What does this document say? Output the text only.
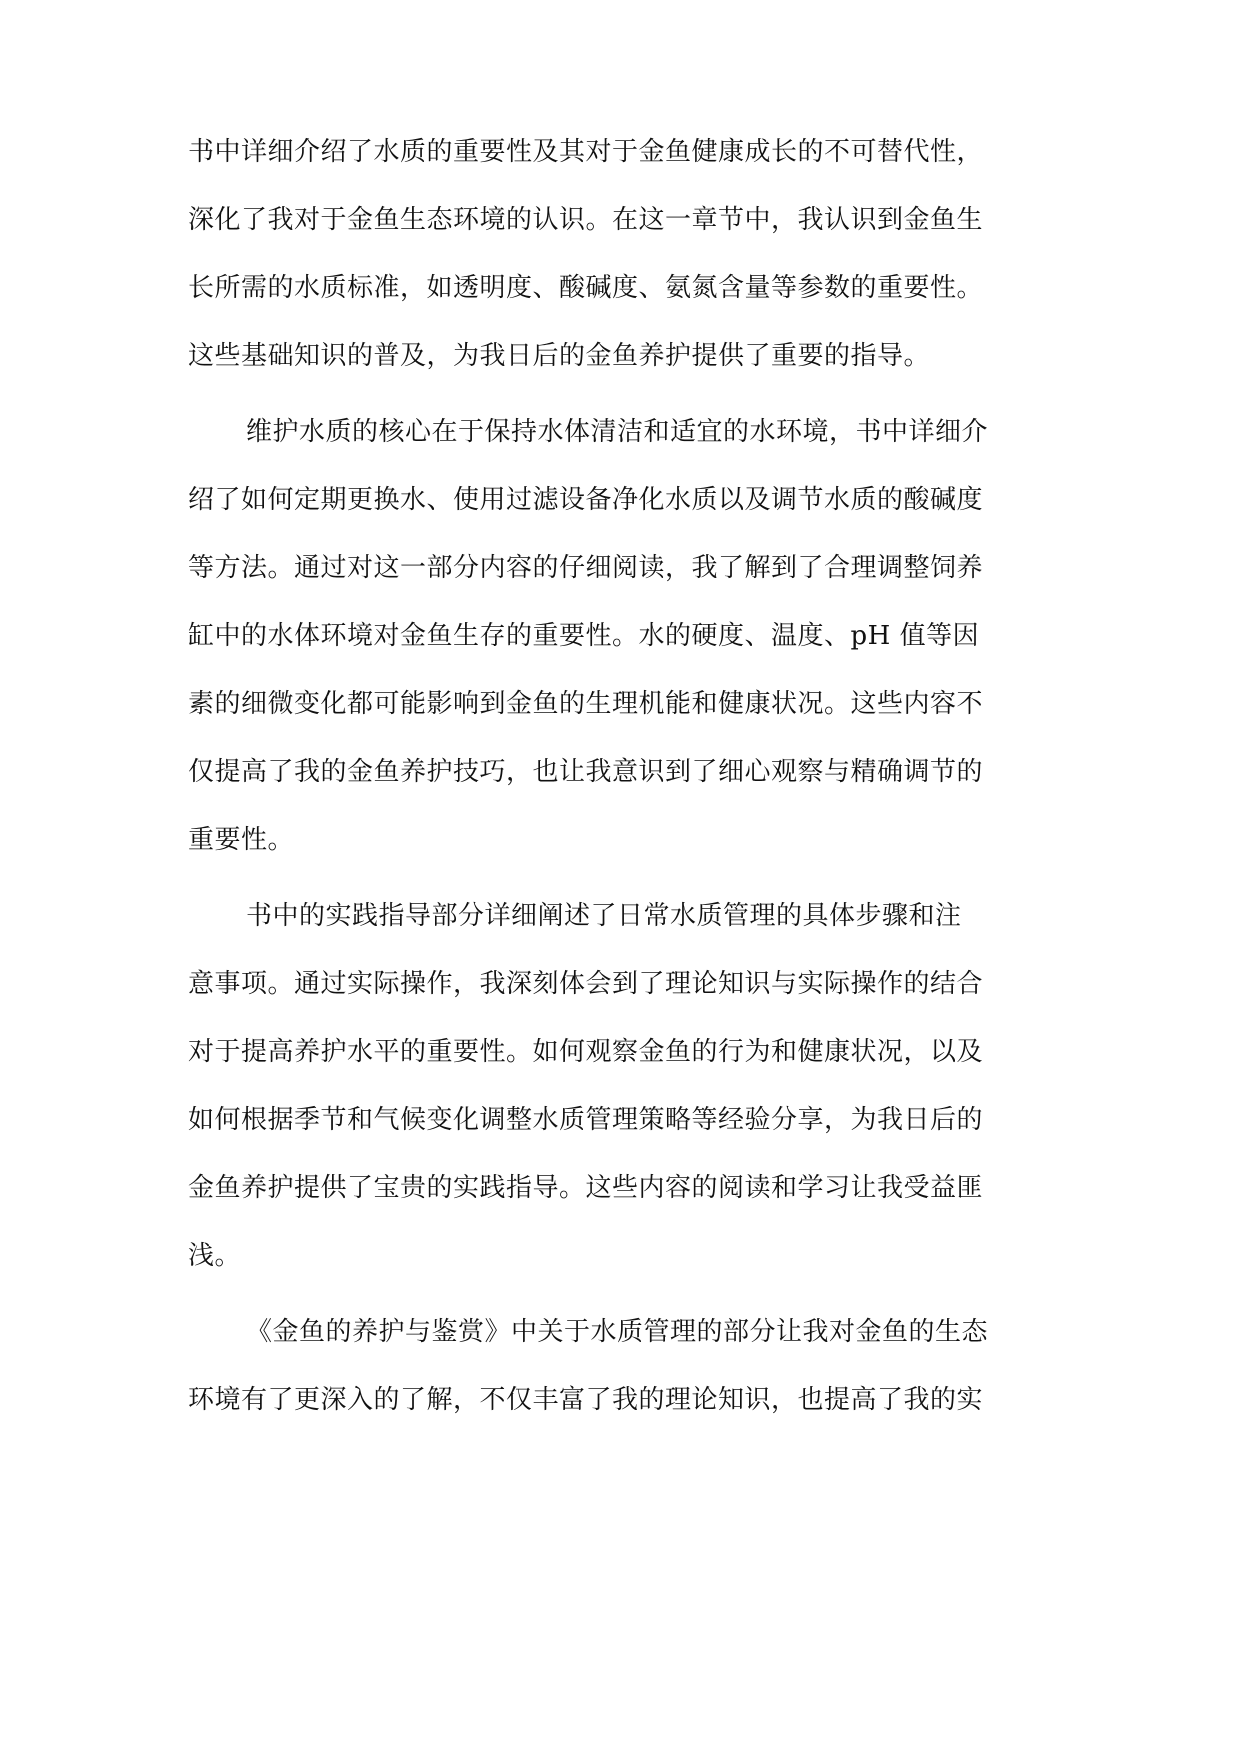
书中详细介绍了水质的重要性及其对于金鱼健康成长的不可替代性，
深化了我对于金鱼生态环境的认识。在这一章节中，我认识到金鱼生
长所需的水质标准，如透明度、酸碱度、氨氮含量等参数的重要性。
这些基础知识的普及，为我日后的金鱼养护提供了重要的指导。
维护水质的核心在于保持水体清洁和适宜的水环境，书中详细介
绍了如何定期更换水、使用过滤设备净化水质以及调节水质的酸碱度
等方法。通过对这一部分内容的仔细阅读，我了解到了合理调整饲养
缸中的水体环境对金鱼生存的重要性。水的硬度、温度、pH 值等因
素的细微变化都可能影响到金鱼的生理机能和健康状况。这些内容不
仅提高了我的金鱼养护技巧，也让我意识到了细心观察与精确调节的
重要性。
书中的实践指导部分详细阐述了日常水质管理的具体步骤和注
意事项。通过实际操作，我深刻体会到了理论知识与实际操作的结合
对于提高养护水平的重要性。如何观察金鱼的行为和健康状况，以及
如何根据季节和气候变化调整水质管理策略等经验分享，为我日后的
金鱼养护提供了宝贵的实践指导。这些内容的阅读和学习让我受益匪
浅。
《金鱼的养护与鉴赏》中关于水质管理的部分让我对金鱼的生态
环境有了更深入的了解，不仅丰富了我的理论知识，也提高了我的实
